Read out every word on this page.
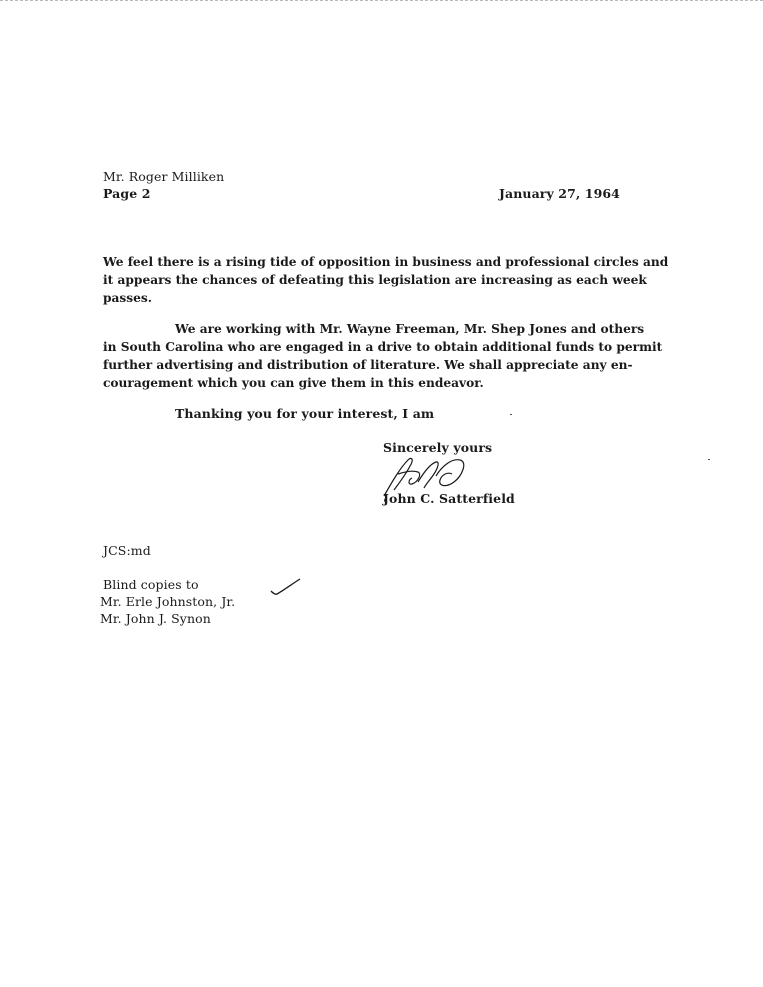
Mr. Roger Milliken
Page 2	January 27, 1964
We feel there is a rising tide of opposition in business and professional circles and
it appears the chances of defeating this legislation are increasing as each week
passes.
We are working with Mr. Wayne Freeman, Mr. Shep Jones and others
in South Carolina who are engaged in a drive to obtain additional funds to permit
further advertising and distribution of literature. We shall appreciate any en-
couragement which you can give them in this endeavor.
Thanking you for your interest, I am
Sincerely yours
John C. Satterfield
JCS:md
Blind copies to
Mr. Erle Johnston, Jr.
Mr. John J. Synon
